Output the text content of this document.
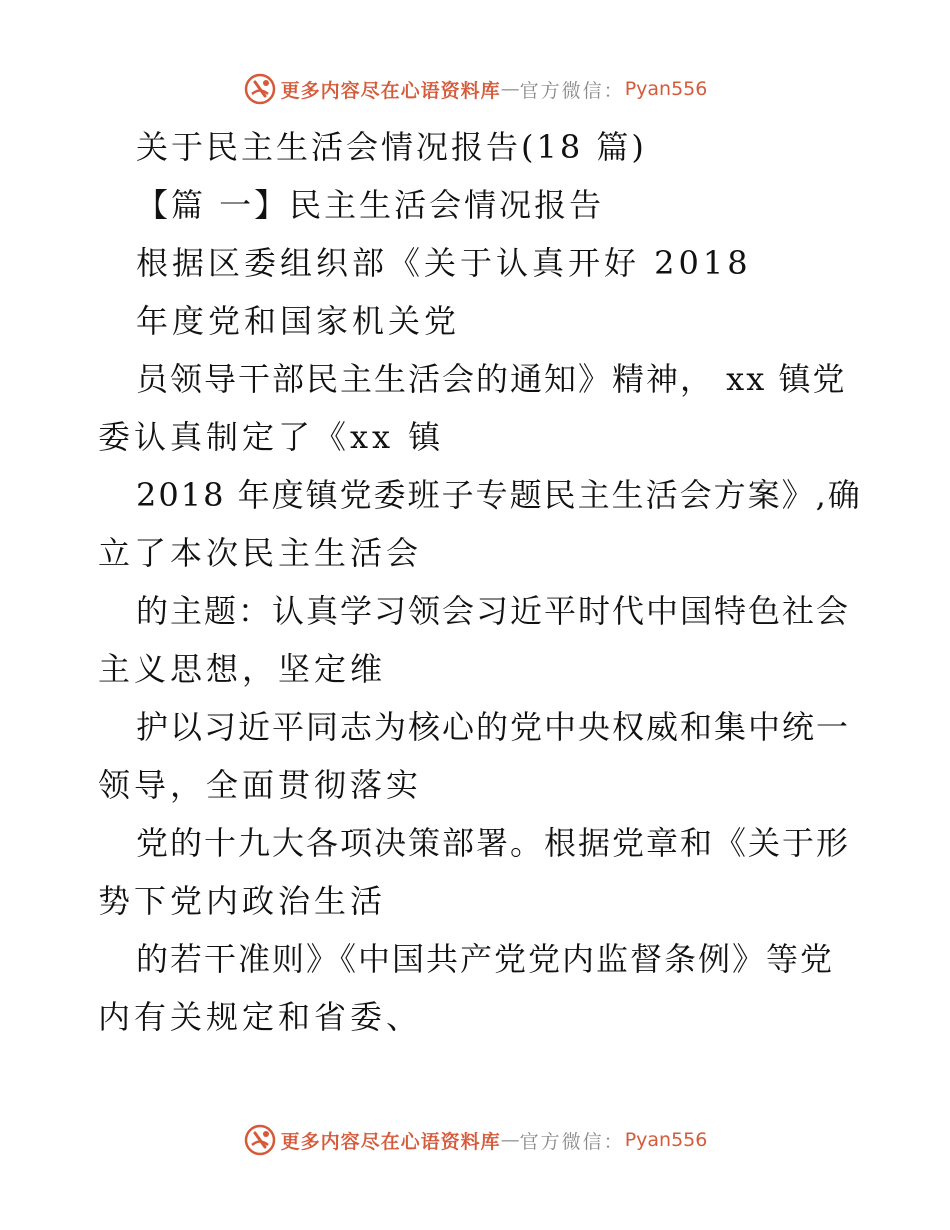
更多内容尽在心语资料库 — 官方微信： Pyan556
关于民主生活会情况报告(18 篇)
【篇 一】民主生活会情况报告
根据区委组织部《关于认真开好 2018
年度党和国家机关党
员领导干部民主生活会的通知》精神， xx 镇党
委认真制定了《xx 镇
2018 年度镇党委班子专题民主生活会方案》,确
立了本次民主生活会
的主题：认真学习领会习近平时代中国特色社会
主义思想，坚定维
护以习近平同志为核心的党中央权威和集中统一
领导，全面贯彻落实
党的十九大各项决策部署。根据党章和《关于形
势下党内政治生活
的若干准则》《中国共产党党内监督条例》等党
内有关规定和省委、
更多内容尽在心语资料库 — 官方微信： Pyan556
